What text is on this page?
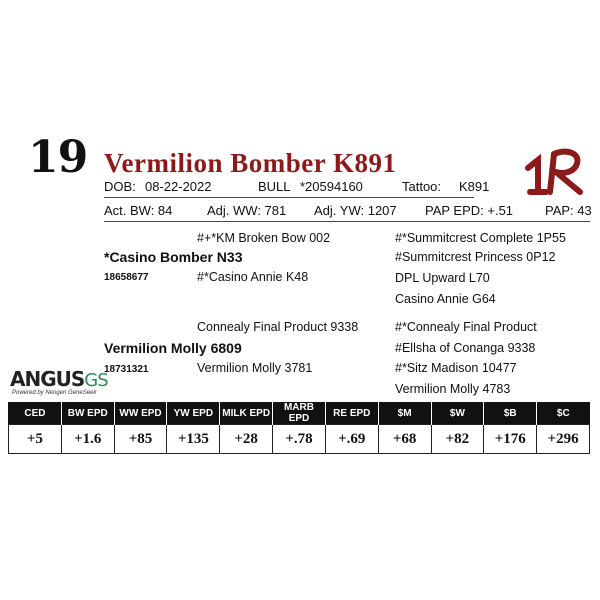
19 Vermilion Bomber K891
DOB: 08-22-2022	BULL *20594160	Tattoo: K891
Act. BW: 84	Adj. WW: 781 Adj. YW: 1207 PAP EPD: +.51 PAP: 43
#+*KM Broken Bow 002
*Casino Bomber N33
18658677	#*Casino Annie K48
#*Summitcrest Complete 1P55
#Summitcrest Princess 0P12
DPL Upward L70
Casino Annie G64
Connealy Final Product 9338
Vermilion Molly 6809
18731321	Vermilion Molly 3781
#*Connealy Final Product
#Ellsha of Conanga 9338
#*Sitz Madison 10477
Vermilion Molly 4783
ANGUSGS
Powered by Neogen GeneSeek
CED	BW EPD	WW EPD	YW EPD	MILK EPD	MARB EPD	RE EPD	$M	$W	$B	$C
+5	+1.6	+85	+135	+28	+.78	+.69	+68	+82	+176	+296
